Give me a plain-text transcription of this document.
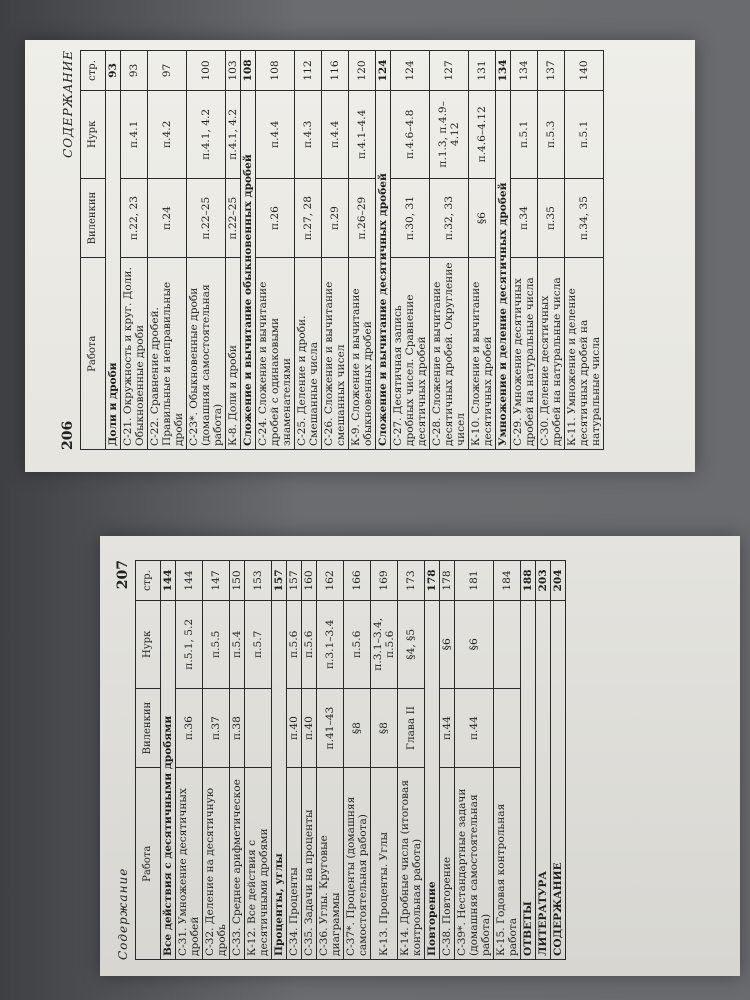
206
СОДЕРЖАНИЕ
Работа	Виленкин	Нурк	стр.
Доли и дроби			93
С-21. Окружность и круг. Доли. Обыкновенные дроби	п.22, 23	п.4.1	93
С-22. Сравнение дробей. Правильные и неправильные дроби	п.24	п.4.2	97
С-23*. Обыкновенные дроби (домашняя самостоятельная работа)	п.22–25	п.4.1, 4.2	100
К-8. Доли и дроби	п.22–25	п.4.1, 4.2	103
Сложение и вычитание обыкновенных дробей			108
С-24. Сложение и вычитание дробей с одинаковыми знаменателями	п.26	п.4.4	108
С-25. Деление и дроби. Смешанные числа	п.27, 28	п.4.3	112
С-26. Сложение и вычитание смешанных чисел	п.29	п.4.4	116
К-9. Сложение и вычитание обыкновенных дробей	п.26–29	п.4.1–4.4	120
Сложение и вычитание десятичных дробей			124
С-27. Десятичная запись дробных чисел. Сравнение десятичных дробей	п.30, 31	п.4.6–4.8	124
С-28. Сложение и вычитание десятичных дробей. Округление чисел	п.32, 33	п.1.3, п.4.9–4.12	127
К-10. Сложение и вычитание десятичных дробей	§6	п.4.6–4.12	131
Умножение и деление десятичных дробей			134
С-29. Умножение десятичных дробей на натуральные числа	п.34	п.5.1	134
С-30. Деление десятичных дробей на натуральные числа	п.35	п.5.3	137
К-11. Умножение и деление десятичных дробей на натуральные числа	п.34, 35	п.5.1	140
Содержание
207
Работа	Виленкин	Нурк	стр.
Все действия с десятичными дробями			144
С-31. Умножение десятичных дробей	п.36	п.5.1, 5.2	144
С-32. Деление на десятичную дробь	п.37	п.5.5	147
С-33. Среднее арифметическое	п.38	п.5.4	150
К-12. Все действия с десятичными дробями		п.5.7	153
Проценты, углы			157
С-34. Проценты	п.40	п.5.6	157
С-35. Задачи на проценты	п.40	п.5.6	160
С-36. Углы. Круговые диаграммы	п.41–43	п.3.1–3.4	162
С-37*. Проценты (домашняя самостоятельная работа)	§8	п.5.6	166
К-13. Проценты. Углы	§8	п.3.1–3.4, п.5.6	169
К-14. Дробные числа (итоговая контрольная работа)	Глава II	§4, §5	173
Повторение			178
С-38. Повторение	п.44	§6	178
С-39*. Нестандартные задачи (домашняя самостоятельная работа)	п.44	§6	181
К-15. Годовая контрольная работа			184
ОТВЕТЫ			188
ЛИТЕРАТУРА			203
СОДЕРЖАНИЕ			204
